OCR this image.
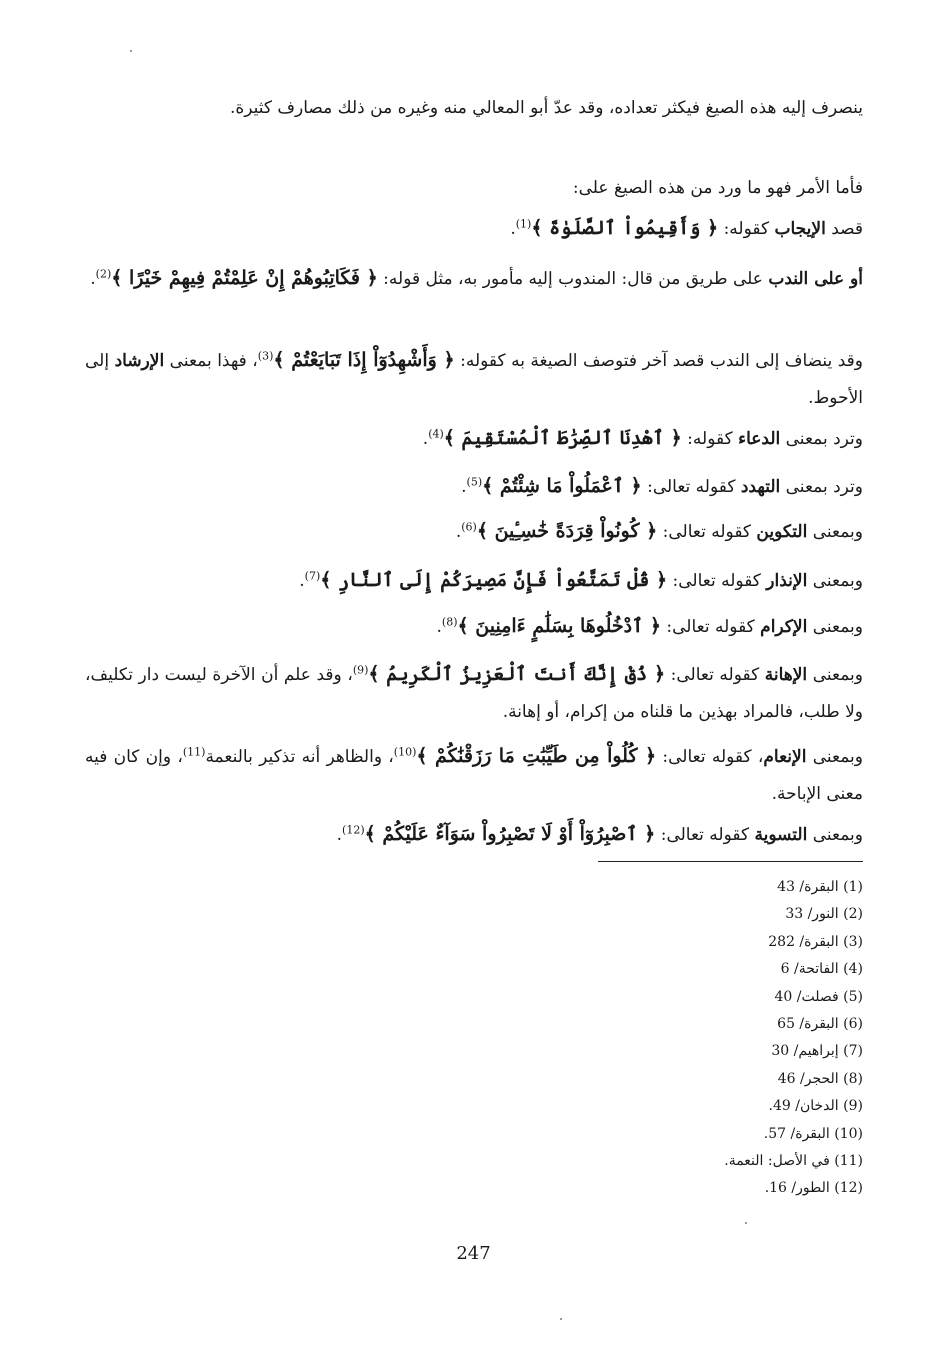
ينصرف إليه هذه الصيغ فيكثر تعداده، وقد عدّ أبو المعالي منه وغيره من ذلك مصارف كثيرة.

فأما الأمر فهو ما ورد من هذه الصيغ على:

قصد الإيجاب كقوله: ﴿ وَأَقِيمُواْ ٱلصَّلَوٰةَ ﴾$^{(1)}$.

أو على الندب على طريق من قال: المندوب إليه مأمور به، مثل قوله: ﴿ فَكَاتِبُوهُمْ إِنْ عَلِمْتُمْ فِيهِمْ خَيْرًا ﴾$^{(2)}$.

وقد ينضاف إلى الندب قصد آخر فتوصف الصيغة به كقوله: ﴿ وَأَشْهِدُوٓاْ إِذَا تَبَايَعْتُمْ ﴾$^{(3)}$، فهذا بمعنى الإرشاد إلى الأحوط.

وترد بمعنى الدعاء كقوله: ﴿ ٱهْدِنَا ٱلصِّرَٰطَ ٱلْمُسْتَقِيمَ ﴾$^{(4)}$.

وترد بمعنى التهدد كقوله تعالى: ﴿ ٱعْمَلُواْ مَا شِئْتُمْ ﴾$^{(5)}$.

وبمعنى التكوين كقوله تعالى: ﴿ كُونُواْ قِرَدَةً خَٰسِـِٔينَ ﴾$^{(6)}$.

وبمعنى الإنذار كقوله تعالى: ﴿ قُلْ تَمَتَّعُواْ فَإِنَّ مَصِيرَكُمْ إِلَى ٱلنَّارِ ﴾$^{(7)}$.

وبمعنى الإكرام كقوله تعالى: ﴿ ٱدْخُلُوهَا بِسَلَٰمٍ ءَامِنِينَ ﴾$^{(8)}$.

وبمعنى الإهانة كقوله تعالى: ﴿ ذُقْ إِنَّكَ أَنتَ ٱلْعَزِيزُ ٱلْكَرِيمُ ﴾$^{(9)}$، وقد علم أن الآخرة ليست دار تكليف، ولا طلب، فالمراد بهذين ما قلناه من إكرام، أو إهانة.

وبمعنى الإنعام، كقوله تعالى: ﴿ كُلُواْ مِن طَيِّبَٰتِ مَا رَزَقْنَٰكُمْ ﴾$^{(10)}$، والظاهر أنه تذكير بالنعمة$^{(11)}$، وإن كان فيه معنى الإباحة.

وبمعنى التسوية كقوله تعالى: ﴿ ٱصْبِرُوٓاْ أَوْ لَا تَصْبِرُواْ سَوَآءٌ عَلَيْكُمْ ﴾$^{(12)}$.

(1) البقرة/ 43
(2) النور/ 33
(3) البقرة/ 282
(4) الفاتحة/ 6
(5) فصلت/ 40
(6) البقرة/ 65
(7) إبراهيم/ 30
(8) الحجر/ 46
(9) الدخان/ 49.
(10) البقرة/ 57.
(11) في الأصل: النعمة.
(12) الطور/ 16.
247
